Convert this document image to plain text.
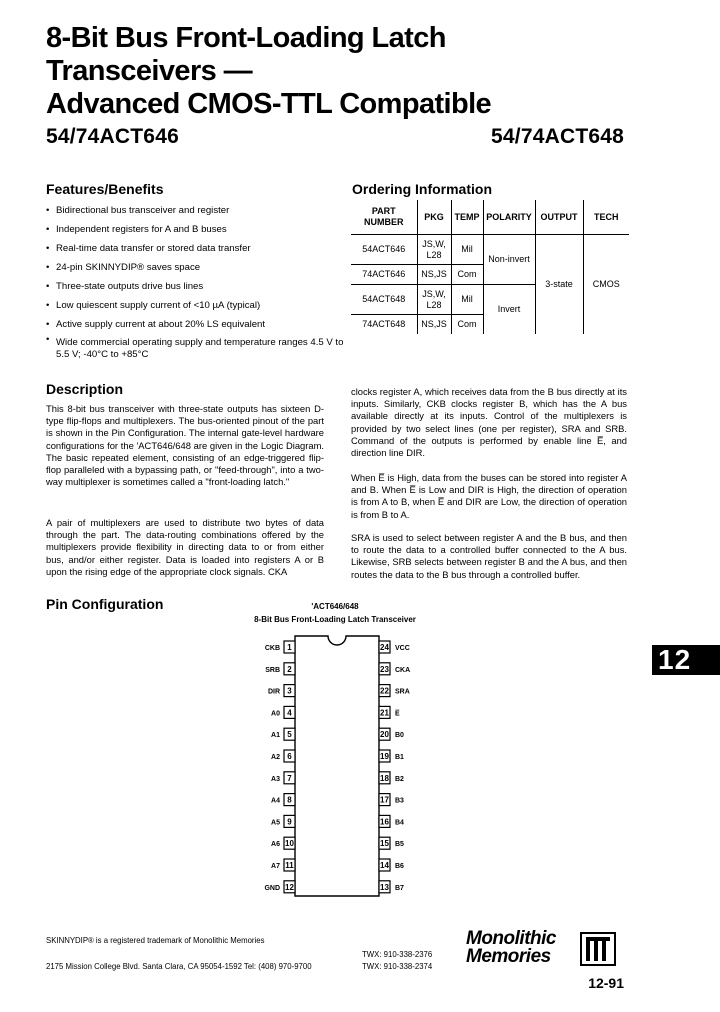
8-Bit Bus Front-Loading Latch
Transceivers —
Advanced CMOS-TTL Compatible
54/74ACT646	54/74ACT648
Features/Benefits
• Bidirectional bus transceiver and register
• Independent registers for A and B buses
• Real-time data transfer or stored data transfer
• 24-pin SKINNYDIP® saves space
• Three-state outputs drive bus lines
• Low quiescent supply current of <10 µA (typical)
• Active supply current at about 20% LS equivalent
• Wide commercial operating supply and temperature ranges 4.5 V to 5.5 V; -40°C to +85°C
Ordering Information
PART NUMBER	PKG	TEMP	POLARITY	OUTPUT	TECH
54ACT646	JS,W, L28	Mil	Non-invert	3-state	CMOS
74ACT646	NS,JS	Com			
54ACT648	JS,W, L28	Mil	Invert		
74ACT648	NS,JS	Com			
Description
This 8-bit bus transceiver with three-state outputs has sixteen D-type flip-flops and multiplexers. The bus-oriented pinout of the part is shown in the Pin Configuration. The internal gate-level hardware configurations for the 'ACT646/648 are given in the Logic Diagram. The basic repeated element, consisting of an edge-triggered flip-flop paralleled with a bypassing path, or "feed-through", into a two-way multiplexer is sometimes called a "front-loading latch."
A pair of multiplexers are used to distribute two bytes of data through the part. The data-routing combinations offered by the multiplexers provide flexibility in directing data to or from either bus, and/or either register. Data is loaded into registers A or B upon the rising edge of the appropriate clock signals. CKA
clocks register A, which receives data from the B bus directly at its inputs. Similarly, CKB clocks register B, which has the A bus available directly at its inputs. Control of the multiplexers is provided by two select lines (one per register), SRA and SRB. Command of the outputs is performed by enable line E̅, and direction line DIR.
When E̅ is High, data from the buses can be stored into register A and B. When E̅ is Low and DIR is High, the direction of operation is from A to B, when E̅ and DIR are Low, the direction of operation is from B to A.
SRA is used to select between register A and the B bus, and then to route the data to a controlled buffer connected to the A bus. Likewise, SRB selects between register B and the A bus, and then routes the data to the B bus through a controlled buffer.
Pin Configuration	'ACT646/648
8-Bit Bus Front-Loading Latch Transceiver
1
CKB
2
SRB
3
DIR
4
A0
5
A1
6
A2
7
A3
8
A4
9
A5
10
A6
11
A7
12
GND
24 VCC
23 CKA
22 SRA
21 E̅
20 B0
19 B1
18 B2
17 B3
16 B4
15 B5
14 B6
13 B7
12
SKINNYDIP® is a registered trademark of Monolithic Memories
TWX: 910-338-2376
2175 Mission College Blvd. Santa Clara, CA 95054-1592 Tel: (408) 970-9700	TWX: 910-338-2374
Monolithic
Memories
12-91
